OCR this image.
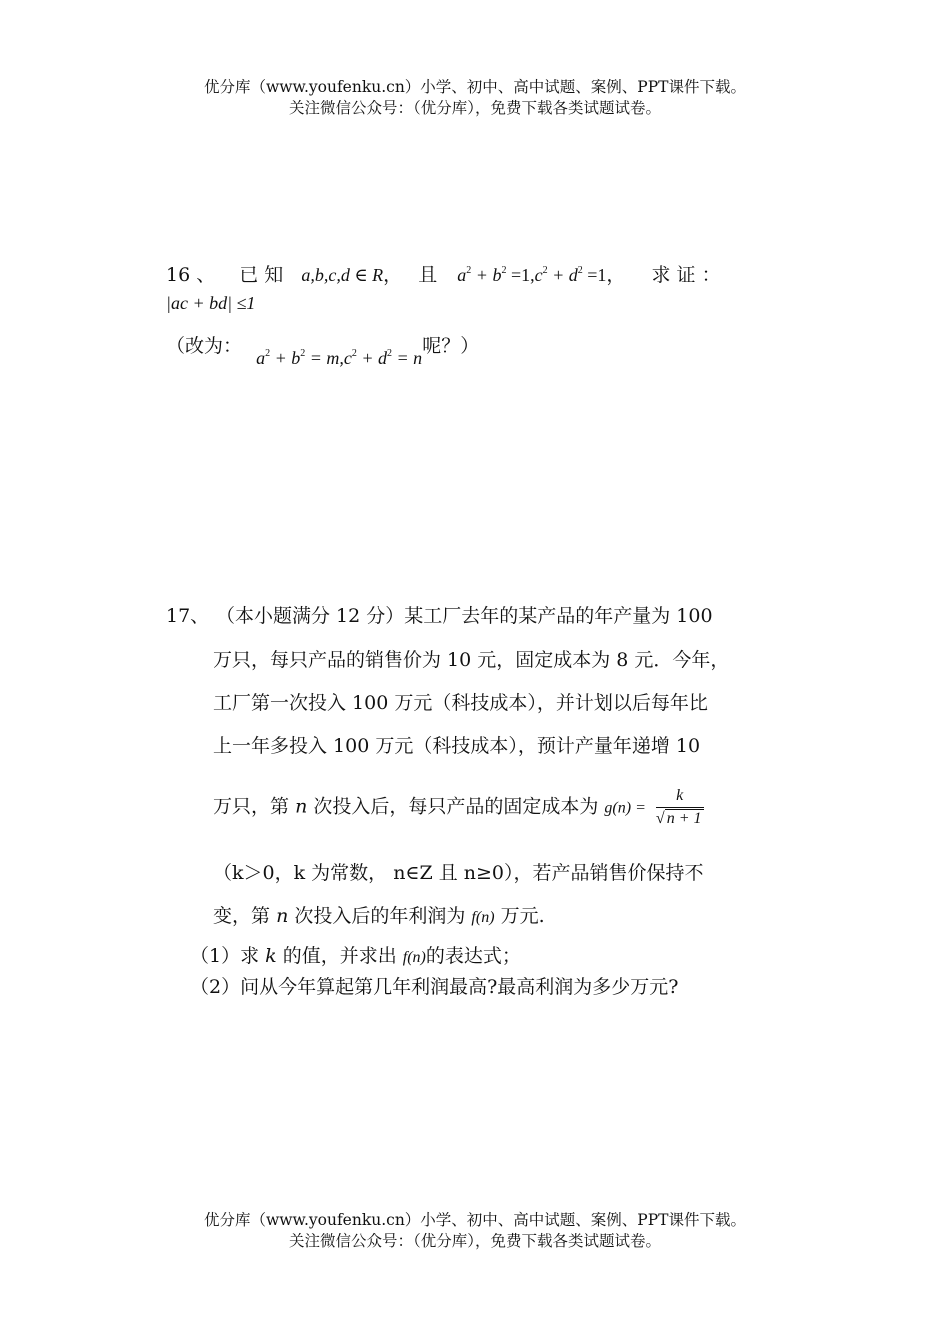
优分库（www.youfenku.cn）小学、初中、高中试题、案例、PPT课件下载。
关注微信公众号：（优分库），免费下载各类试题试卷。
16 、 已 知 a,b,c,d ∈ R， 且 $a^2 + b^2 =1,c^2 + d^2 =1$， 求 证 ：
|ac + bd| ≤1
（改为： $a^2 + b^2 = m,c^2 + d^2 = n$呢？）
17、 （本小题满分 12 分）某工厂去年的某产品的年产量为 100
万只，每只产品的销售价为 10 元，固定成本为 8 元．今年，
工厂第一次投入 100 万元（科技成本），并计划以后每年比
上一年多投入 100 万元（科技成本），预计产量年递增 10
万只，第 n 次投入后，每只产品的固定成本为 $g(n) = \frac{k}{√ n + 1}$
（k＞0，k 为常数， n∈Z 且 n≥0），若产品销售价保持不
变，第 n 次投入后的年利润为 f(n) 万元.
（1）求 k 的值，并求出 f(n)的表达式；
（2）问从今年算起第几年利润最高?最高利润为多少万元?
优分库（www.youfenku.cn）小学、初中、高中试题、案例、PPT课件下载。
关注微信公众号：（优分库），免费下载各类试题试卷。
